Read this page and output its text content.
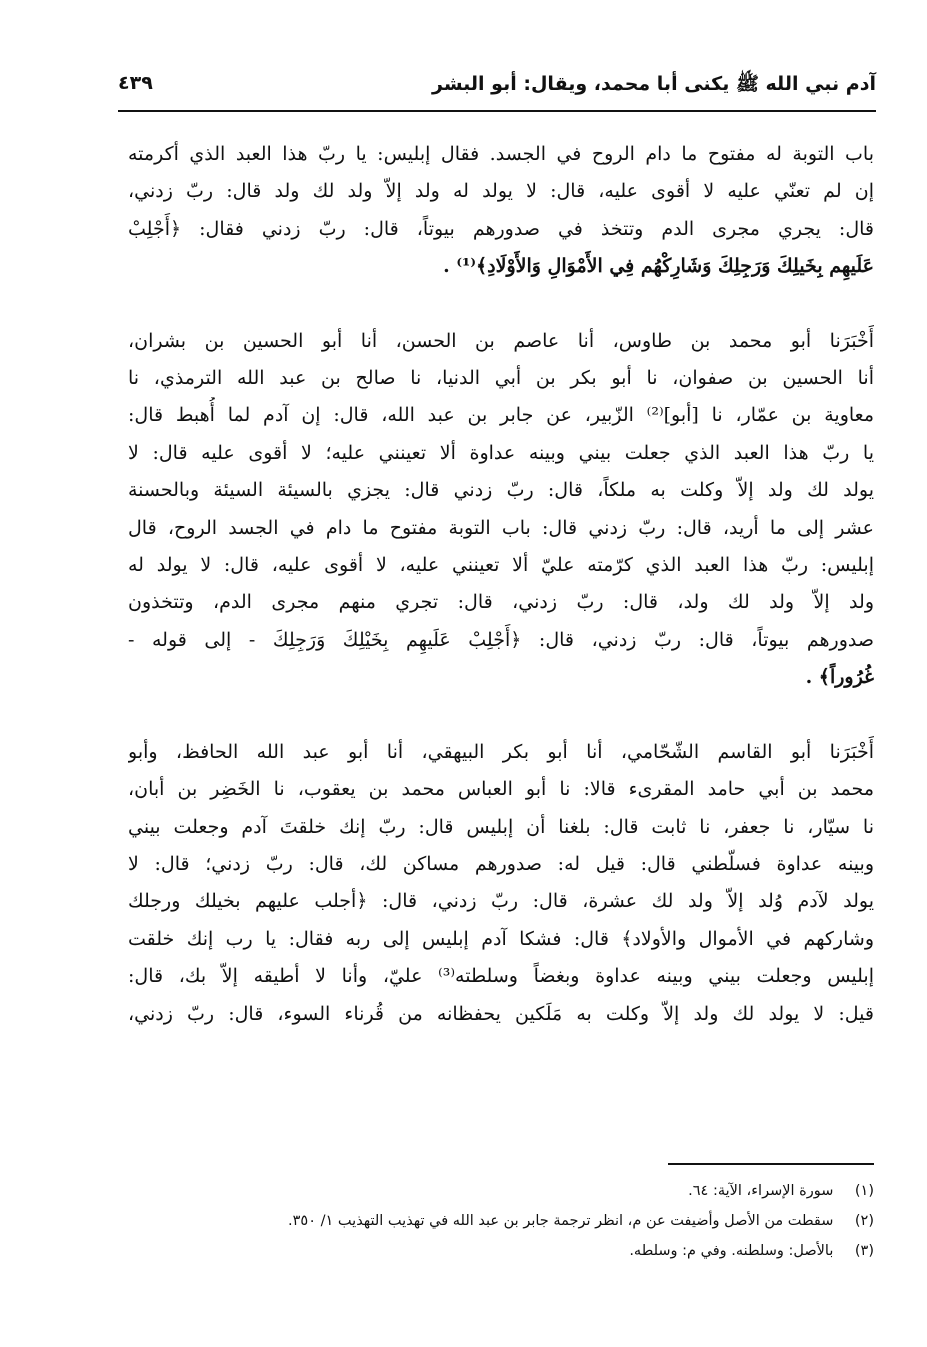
آدم نبي الله ﷺ يكنى أبا محمد، ويقال: أبو البشر
٤٣٩
باب التوبة له مفتوح ما دام الروح في الجسد. فقال إبليس: يا ربّ هذا العبد الذي أكرمته
إن لم تعنّي عليه لا أقوى عليه، قال: لا يولد له ولد إلاّ ولد لك ولد قال: ربّ زدني،
قال: يجري مجرى الدم وتتخذ في صدورهم بيوتاً، قال: ربّ زدني فقال: ﴿أَجْلِبْ
عَلَيهِم بِخَيلِكَ وَرَجِلِكَ وَشَارِكْهُم فِي الأَمْوَالِ وَالأَوْلَادِ﴾⁽¹⁾ .
أَخْبَرَنا أبو محمد بن طاوس، أنا عاصم بن الحسن، أنا أبو الحسين بن بشران،
أنا الحسين بن صفوان، نا أبو بكر بن أبي الدنيا، نا صالح بن عبد الله الترمذي، نا
معاوية بن عمّار، نا [أبو]⁽²⁾ الزّبير، عن جابر بن عبد الله، قال: إن آدم لما أُهبط قال:
يا ربّ هذا العبد الذي جعلت بيني وبينه عداوة ألا تعينني عليه؛ لا أقوى عليه قال: لا
يولد لك ولد إلاّ وكلت به ملكاً، قال: ربّ زدني قال: يجزي بالسيئة السيئة وبالحسنة
عشر إلى ما أريد، قال: ربّ زدني قال: باب التوبة مفتوح ما دام في الجسد الروح، قال
إبليس: ربّ هذا العبد الذي كرّمته عليّ ألا تعينني عليه، لا أقوى عليه، قال: لا يولد له
ولد إلاّ ولد لك ولد، قال: ربّ زدني، قال: تجري منهم مجرى الدم، وتتخذون
صدورهم بيوتاً، قال: ربّ زدني، قال: ﴿أَجْلِبْ عَلَيهِم بِخَيْلِكَ وَرَجِلِكَ - إلى قوله -
غُرُوراً﴾ .
أَخْبَرَنا أبو القاسم الشّحّامي، أنا أبو بكر البيهقي، أنا أبو عبد الله الحافظ، وأبو
محمد بن أبي حامد المقرىء قالا: نا أبو العباس محمد بن يعقوب، نا الخَضِر بن أبان،
نا سيّار، نا جعفر، نا ثابت قال: بلغنا أن إبليس قال: ربّ إنك خلقتَ آدم وجعلت بيني
وبينه عداوة فسلّطني قال: قيل له: صدورهم مساكن لك، قال: ربّ زدني؛ قال: لا
يولد لآدم وُلد إلاّ ولد لك عشرة، قال: ربّ زدني، قال: ﴿أجلب عليهم بخيلك ورجلك
وشاركهم في الأموال والأولاد﴾ قال: فشكا آدم إبليس إلى ربه فقال: يا رب إنك خلقت
إبليس وجعلت بيني وبينه عداوة وبغضاً وسلطته⁽³⁾ عليّ، وأنا لا أطيقه إلاّ بك، قال:
قيل: لا يولد لك ولد إلاّ وكلت به مَلَكين يحفظانه من قُرناء السوء، قال: ربّ زدني،
(١) سورة الإسراء، الآية: ٦٤.
(٢) سقطت من الأصل وأضيفت عن م، انظر ترجمة جابر بن عبد الله في تهذيب التهذيب ١/ ٣٥٠.
(٣) بالأصل: وسلطنه. وفي م: وسلطه.
